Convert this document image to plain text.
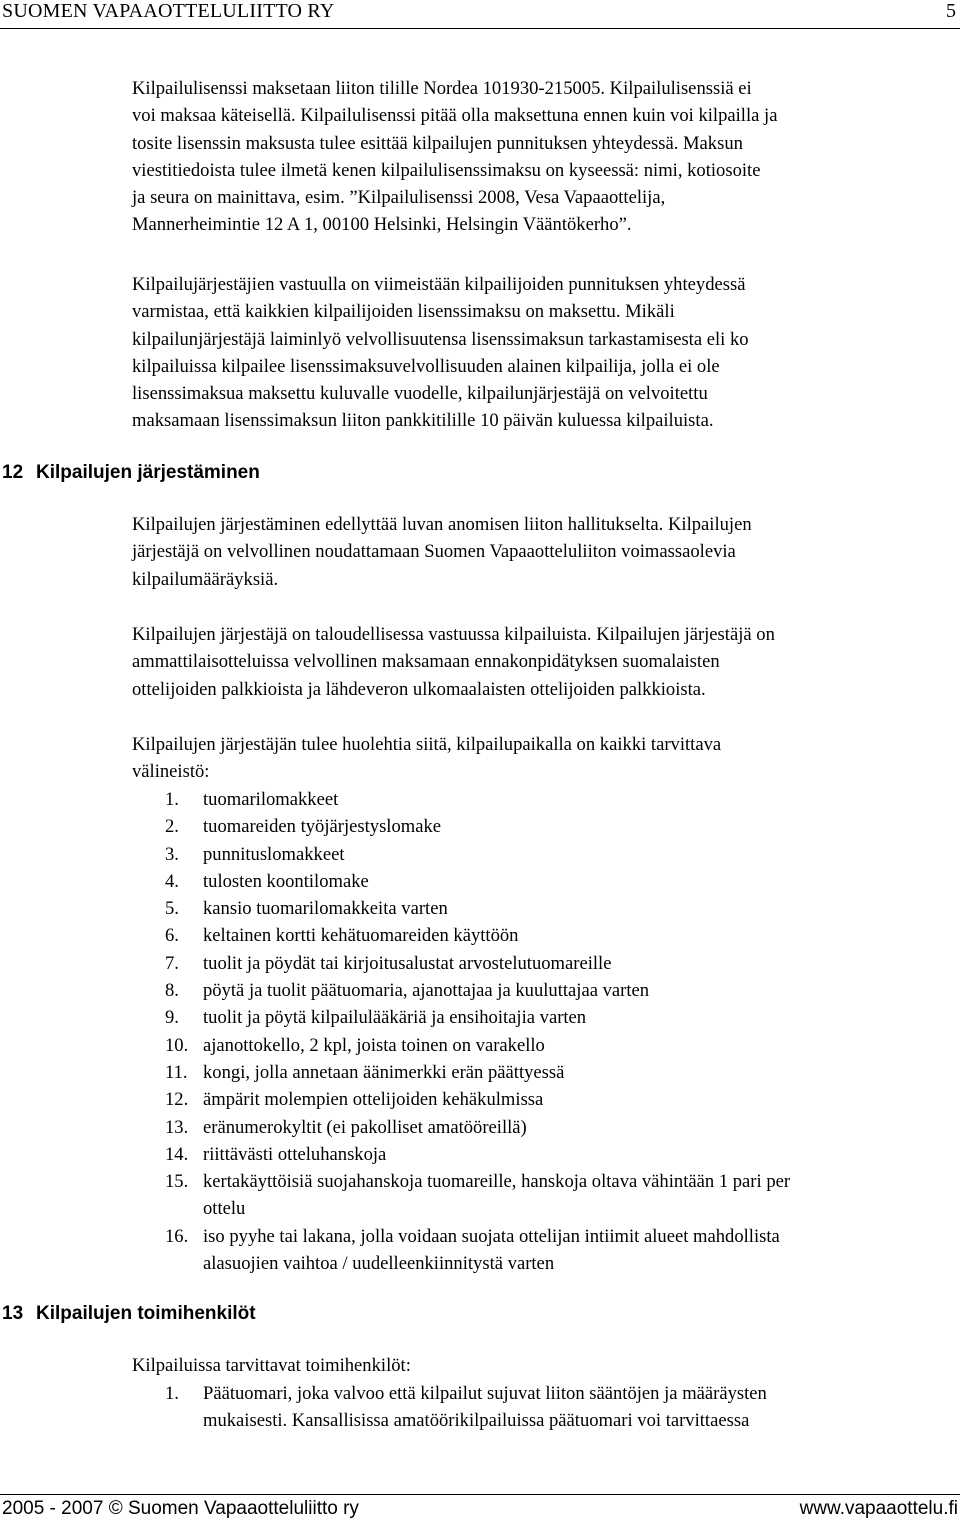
SUOMEN VAPAAOTTELULIITTO RY	5
Kilpailulisenssi maksetaan liiton tilille Nordea 101930-215005. Kilpailulisenssiä ei
voi maksaa käteisellä. Kilpailulisenssi pitää olla maksettuna ennen kuin voi kilpailla ja
tosite lisenssin maksusta tulee esittää kilpailujen punnituksen yhteydessä. Maksun
viestitiedoista tulee ilmetä kenen kilpailulisenssimaksu on kyseessä: nimi, kotiosoite
ja seura on mainittava, esim. ”Kilpailulisenssi 2008, Vesa Vapaaottelija,
Mannerheimintie 12 A 1, 00100 Helsinki, Helsingin Vääntökerho”.
Kilpailujärjestäjien vastuulla on viimeistään kilpailijoiden punnituksen yhteydessä
varmistaa, että kaikkien kilpailijoiden lisenssimaksu on maksettu. Mikäli
kilpailunjärjestäjä laiminlyö velvollisuutensa lisenssimaksun tarkastamisesta eli ko
kilpailuissa kilpailee lisenssimaksuvelvollisuuden alainen kilpailija, jolla ei ole
lisenssimaksua maksettu kuluvalle vuodelle, kilpailunjärjestäjä on velvoitettu
maksamaan lisenssimaksun liiton pankkitilille 10 päivän kuluessa kilpailuista.
12 Kilpailujen järjestäminen
Kilpailujen järjestäminen edellyttää luvan anomisen liiton hallitukselta. Kilpailujen
järjestäjä on velvollinen noudattamaan Suomen Vapaaotteluliiton voimassaolevia
kilpailumääräyksiä.
Kilpailujen järjestäjä on taloudellisessa vastuussa kilpailuista. Kilpailujen järjestäjä on
ammattilaisotteluissa velvollinen maksamaan ennakonpidätyksen suomalaisten
ottelijoiden palkkioista ja lähdeveron ulkomaalaisten ottelijoiden palkkioista.
Kilpailujen järjestäjän tulee huolehtia siitä, kilpailupaikalla on kaikki tarvittava
välineistö:
1. tuomarilomakkeet
2. tuomareiden työjärjestyslomake
3. punnituslomakkeet
4. tulosten koontilomake
5. kansio tuomarilomakkeita varten
6. keltainen kortti kehätuomareiden käyttöön
7. tuolit ja pöydät tai kirjoitusalustat arvostelutuomareille
8. pöytä ja tuolit päätuomaria, ajanottajaa ja kuuluttajaa varten
9. tuolit ja pöytä kilpailulääkäriä ja ensihoitajia varten
10. ajanottokello, 2 kpl, joista toinen on varakello
11. kongi, jolla annetaan äänimerkki erän päättyessä
12. ämpärit molempien ottelijoiden kehäkulmissa
13. eränumerokyltit (ei pakolliset amatööreillä)
14. riittävästi otteluhanskoja
15. kertakäyttöisiä suojahanskoja tuomareille, hanskoja oltava vähintään 1 pari per
ottelu
16. iso pyyhe tai lakana, jolla voidaan suojata ottelijan intiimit alueet mahdollista
alasuojien vaihtoa / uudelleenkiinnitystä varten
13 Kilpailujen toimihenkilöt
Kilpailuissa tarvittavat toimihenkilöt:
1. Päätuomari, joka valvoo että kilpailut sujuvat liiton sääntöjen ja määräysten
mukaisesti. Kansallisissa amatöörikilpailuissa päätuomari voi tarvittaessa
2005 - 2007 © Suomen Vapaaotteluliitto ry	www.vapaaottelu.fi
